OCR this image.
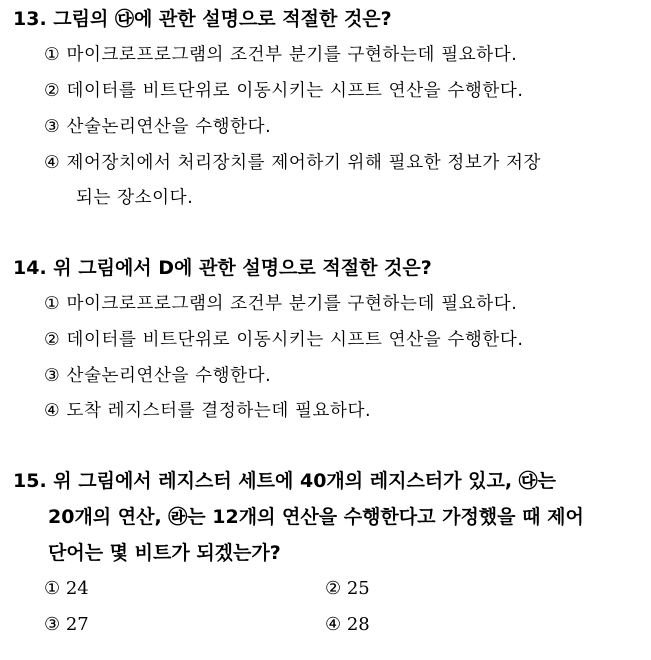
13. 그림의 ㉰에 관한 설명으로 적절한 것은?
① 마이크로프로그램의 조건부 분기를 구현하는데 필요하다.
② 데이터를 비트단위로 이동시키는 시프트 연산을 수행한다.
③ 산술논리연산을 수행한다.
④ 제어장치에서 처리장치를 제어하기 위해 필요한 정보가 저장
되는 장소이다.
14. 위 그림에서 D에 관한 설명으로 적절한 것은?
① 마이크로프로그램의 조건부 분기를 구현하는데 필요하다.
② 데이터를 비트단위로 이동시키는 시프트 연산을 수행한다.
③ 산술논리연산을 수행한다.
④ 도착 레지스터를 결정하는데 필요하다.
15. 위 그림에서 레지스터 세트에 40개의 레지스터가 있고, ㉰는
20개의 연산, ㉱는 12개의 연산을 수행한다고 가정했을 때 제어
단어는 몇 비트가 되겠는가?
① 24	② 25
③ 27	④ 28
